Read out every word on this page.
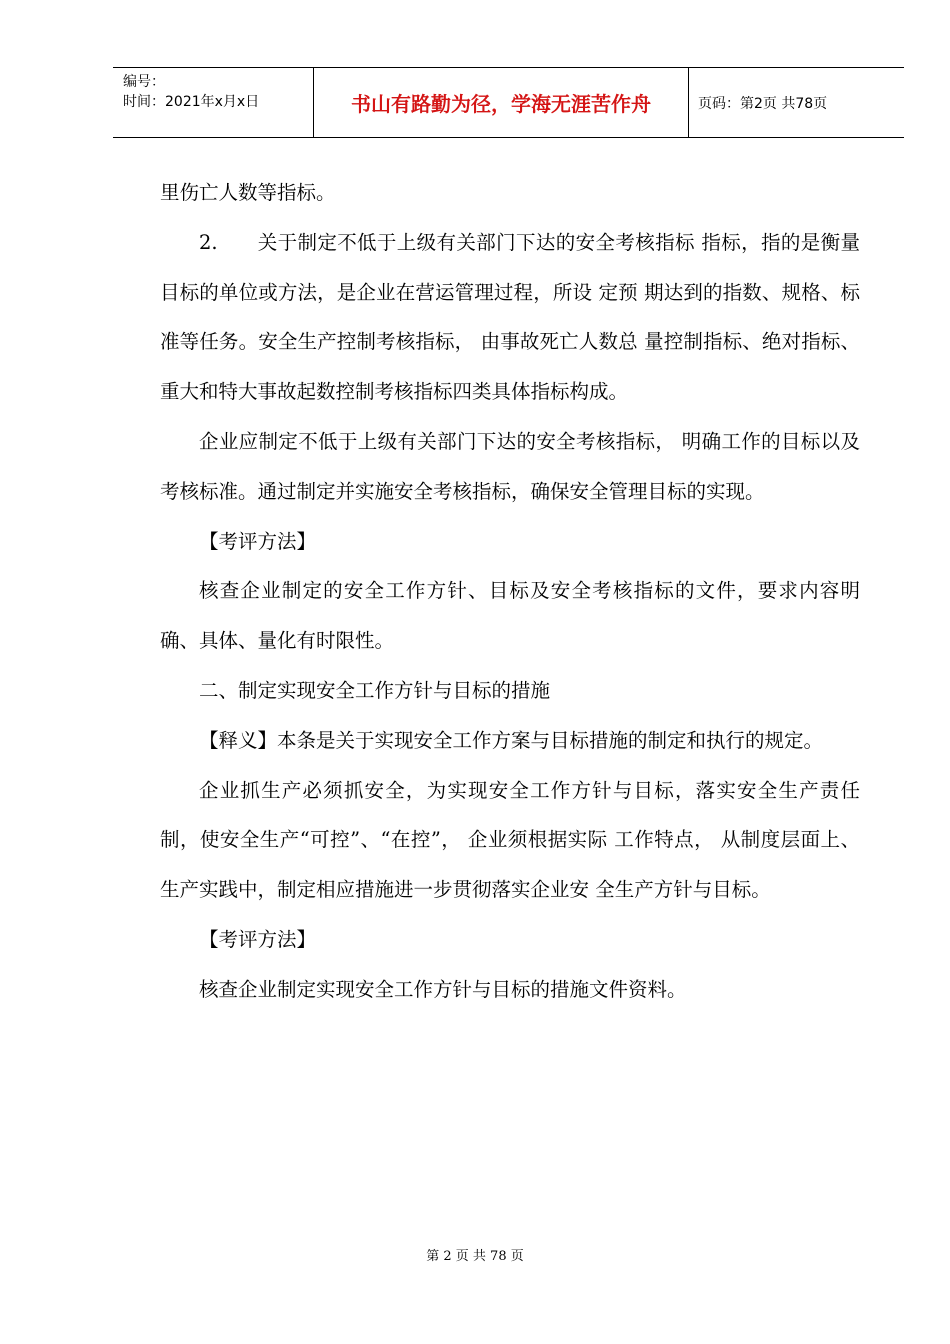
编号：
时间：2021年x月x日	书山有路勤为径，学海无涯苦作舟	页码：第2页 共78页

里伤亡人数等指标。

2.　　关于制定不低于上级有关部门下达的安全考核指标 指标，指的是衡量目标的单位或方法，是企业在营运管理过程，所设 定预 期达到的指数、规格、标准等任务。安全生产控制考核指标， 由事故死亡人数总 量控制指标、绝对指标、重大和特大事故起数控制考核指标四类具体指标构成。

企业应制定不低于上级有关部门下达的安全考核指标， 明确工作的目标以及考核标准。通过制定并实施安全考核指标，确保安全管理目标的实现。

【考评方法】

核查企业制定的安全工作方针、目标及安全考核指标的文件，要求内容明 确、具体、量化有时限性。

二、制定实现安全工作方针与目标的措施

【释义】本条是关于实现安全工作方案与目标措施的制定和执行的规定。

企业抓生产必须抓安全，为实现安全工作方针与目标，落实安全生产责任制，使安全生产“可控”、“在控”， 企业须根据实际 工作特点， 从制度层面上、生产实践中，制定相应措施进一步贯彻落实企业安 全生产方针与目标。

【考评方法】

核查企业制定实现安全工作方针与目标的措施文件资料。

第 2 页 共 78 页
